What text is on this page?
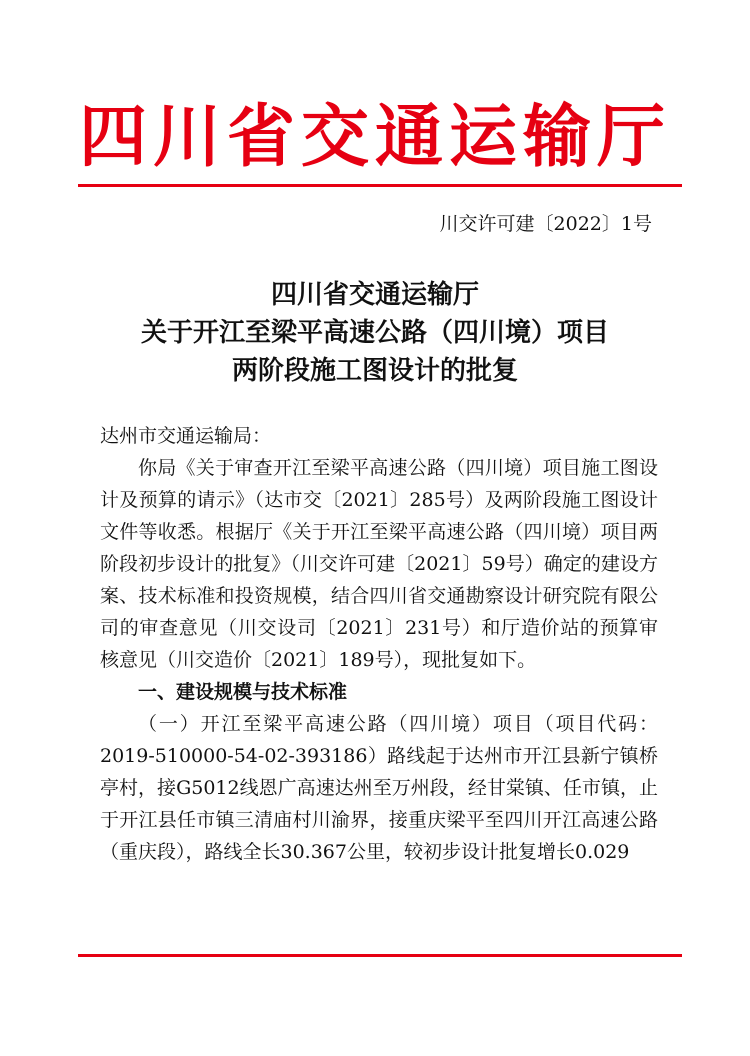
四川省交通运输厅
川交许可建〔2022〕1号
四川省交通运输厅
关于开江至梁平高速公路（四川境）项目
两阶段施工图设计的批复
达州市交通运输局：

你局《关于审查开江至梁平高速公路（四川境）项目施工图设计及预算的请示》（达市交〔2021〕285号）及两阶段施工图设计文件等收悉。根据厅《关于开江至梁平高速公路（四川境）项目两阶段初步设计的批复》（川交许可建〔2021〕59号）确定的建设方案、技术标准和投资规模，结合四川省交通勘察设计研究院有限公司的审查意见（川交设司〔2021〕231号）和厅造价站的预算审核意见（川交造价〔2021〕189号），现批复如下。

一、建设规模与技术标准

（一）开江至梁平高速公路（四川境）项目（项目代码：2019-510000-54-02-393186）路线起于达州市开江县新宁镇桥亭村，接G5012线恩广高速达州至万州段，经甘棠镇、任市镇，止于开江县任市镇三清庙村川渝界，接重庆梁平至四川开江高速公路（重庆段），路线全长30.367公里，较初步设计批复增长0.029
